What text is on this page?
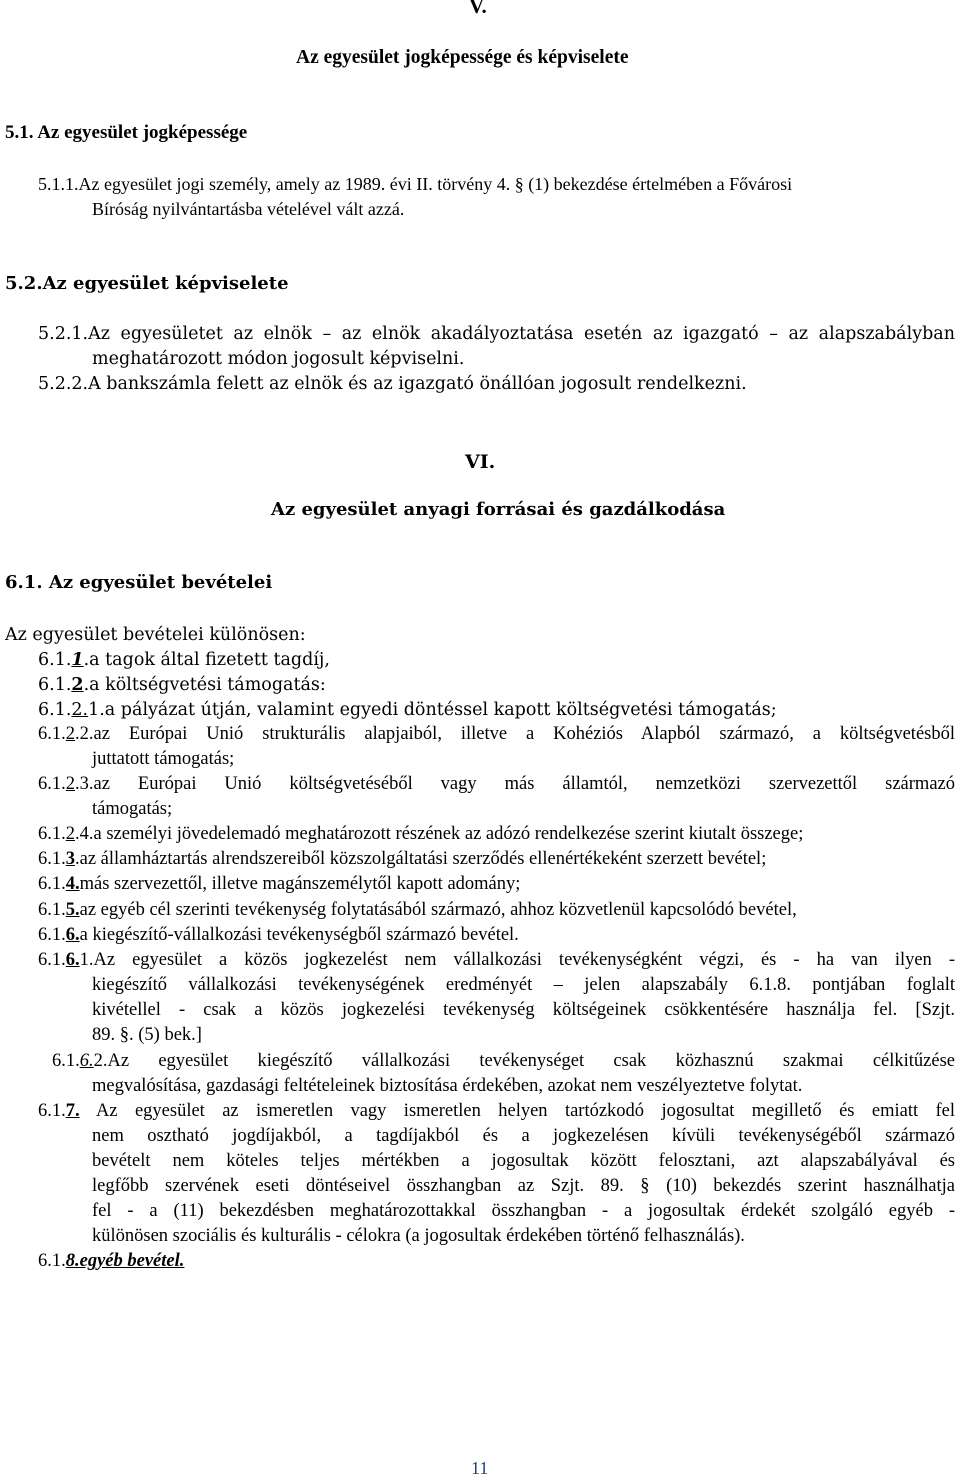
V.
Az egyesület jogképessége és képviselete
5.1. Az egyesület jogképessége
5.1.1.Az egyesület jogi személy, amely az 1989. évi II. törvény 4. § (1) bekezdése értelmében a Fővárosi
Bíróság nyilvántartásba vételével vált azzá.
5.2.Az egyesület képviselete
5.2.1.Az egyesületet az elnök – az elnök akadályoztatása esetén az igazgató – az alapszabályban
meghatározott módon jogosult képviselni.
5.2.2.A bankszámla felett az elnök és az igazgató önállóan jogosult rendelkezni.
VI.
Az egyesület anyagi forrásai és gazdálkodása
6.1. Az egyesület bevételei
Az egyesület bevételei különösen:
6.1.1.a tagok által fizetett tagdíj,
6.1.2.a költségvetési támogatás:
6.1.2.1.a pályázat útján, valamint egyedi döntéssel kapott költségvetési támogatás;
6.1.2.2.az Európai Unió strukturális alapjaiból, illetve a Kohéziós Alapból származó, a költségvetésből
juttatott támogatás;
6.1.2.3.az Európai Unió költségvetéséből vagy más államtól, nemzetközi szervezettől származó
támogatás;
6.1.2.4.a személyi jövedelemadó meghatározott részének az adózó rendelkezése szerint kiutalt összege;
6.1.3.az államháztartás alrendszereiből közszolgáltatási szerződés ellenértékeként szerzett bevétel;
6.1.4.más szervezettől, illetve magánszemélytől kapott adomány;
6.1.5.az egyéb cél szerinti tevékenység folytatásából származó, ahhoz közvetlenül kapcsolódó bevétel,
6.1.6.a kiegészítő-vállalkozási tevékenységből származó bevétel.
6.1.6.1.Az egyesület a közös jogkezelést nem vállalkozási tevékenységként végzi, és - ha van ilyen -
kiegészítő vállalkozási tevékenységének eredményét – jelen alapszabály 6.1.8. pontjában foglalt
kivétellel - csak a közös jogkezelési tevékenység költségeinek csökkentésére használja fel. [Szjt.
89. §. (5) bek.]
6.1.6.2.Az egyesület kiegészítő vállalkozási tevékenységet csak közhasznú szakmai célkitűzése
megvalósítása, gazdasági feltételeinek biztosítása érdekében, azokat nem veszélyeztetve folytat.
6.1.7. Az egyesület az ismeretlen vagy ismeretlen helyen tartózkodó jogosultat megillető és emiatt fel
nem osztható jogdíjakból, a tagdíjakból és a jogkezelésen kívüli tevékenységéből származó
bevételt nem köteles teljes mértékben a jogosultak között felosztani, azt alapszabályával és
legfőbb szervének eseti döntéseivel összhangban az Szjt. 89. § (10) bekezdés szerint használhatja
fel - a (11) bekezdésben meghatározottakkal összhangban - a jogosultak érdekét szolgáló egyéb -
különösen szociális és kulturális - célokra (a jogosultak érdekében történő felhasználás).
6.1.8.egyéb bevétel.
11
